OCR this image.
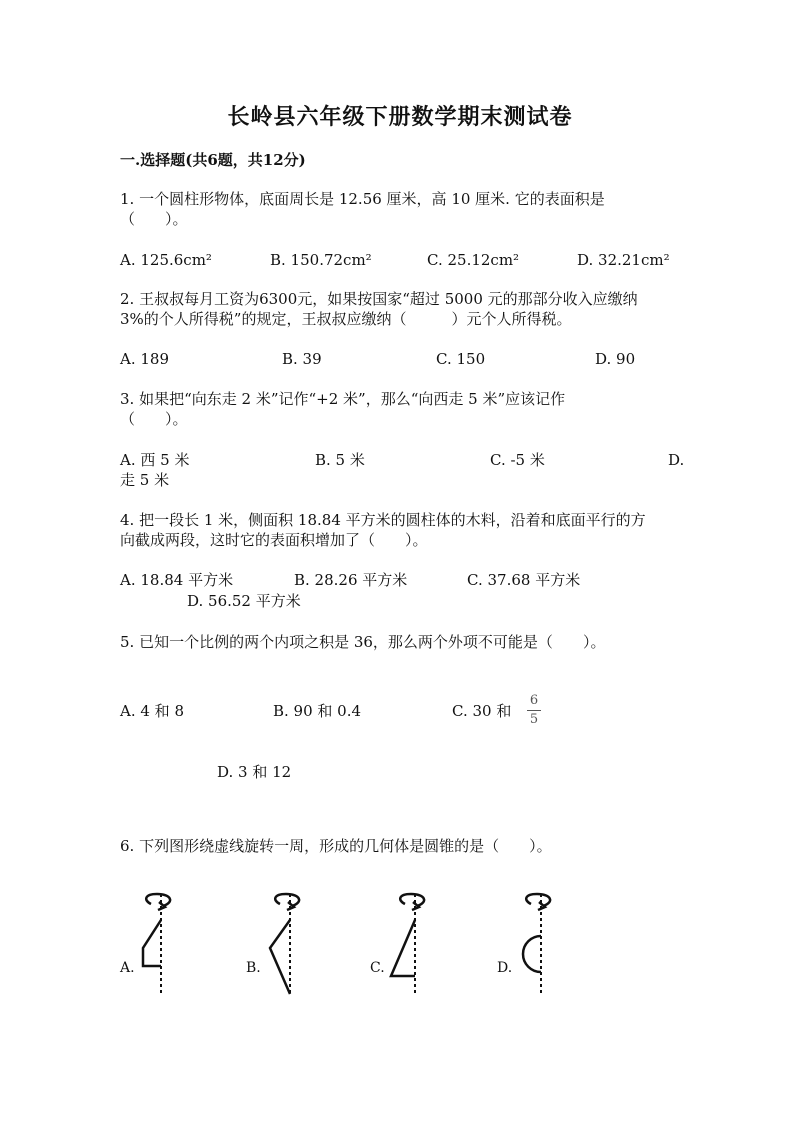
长岭县六年级下册数学期末测试卷
一.选择题(共6题，共12分)
1. 一个圆柱形物体，底面周长是 12.56 厘米，高 10 厘米. 它的表面积是
（　　）。
A. 125.6cm²	B. 150.72cm²	C. 25.12cm²	D. 32.21cm²
2. 王叔叔每月工资为6300元，如果按国家“超过 5000 元的那部分收入应缴纳
3%的个人所得税”的规定，王叔叔应缴纳（　　　）元个人所得税。
A. 189	B. 39	C. 150	D. 90
3. 如果把“向东走 2 米”记作“+2 米”，那么“向西走 5 米”应该记作
（　　）。
A. 西 5 米	B. 5 米	C. -5 米	D.
走 5 米
4. 把一段长 1 米，侧面积 18.84 平方米的圆柱体的木料，沿着和底面平行的方
向截成两段，这时它的表面积增加了（　　）。
A. 18.84 平方米	B. 28.26 平方米	C. 37.68 平方米
D. 56.52 平方米
5. 已知一个比例的两个内项之积是 36，那么两个外项不可能是（　　）。
A. 4 和 8	B. 90 和 0.4	C. 30 和
6
5
D. 3 和 12
6. 下列图形绕虚线旋转一周，形成的几何体是圆锥的是（　　）。
A.	B.	C.	D.
